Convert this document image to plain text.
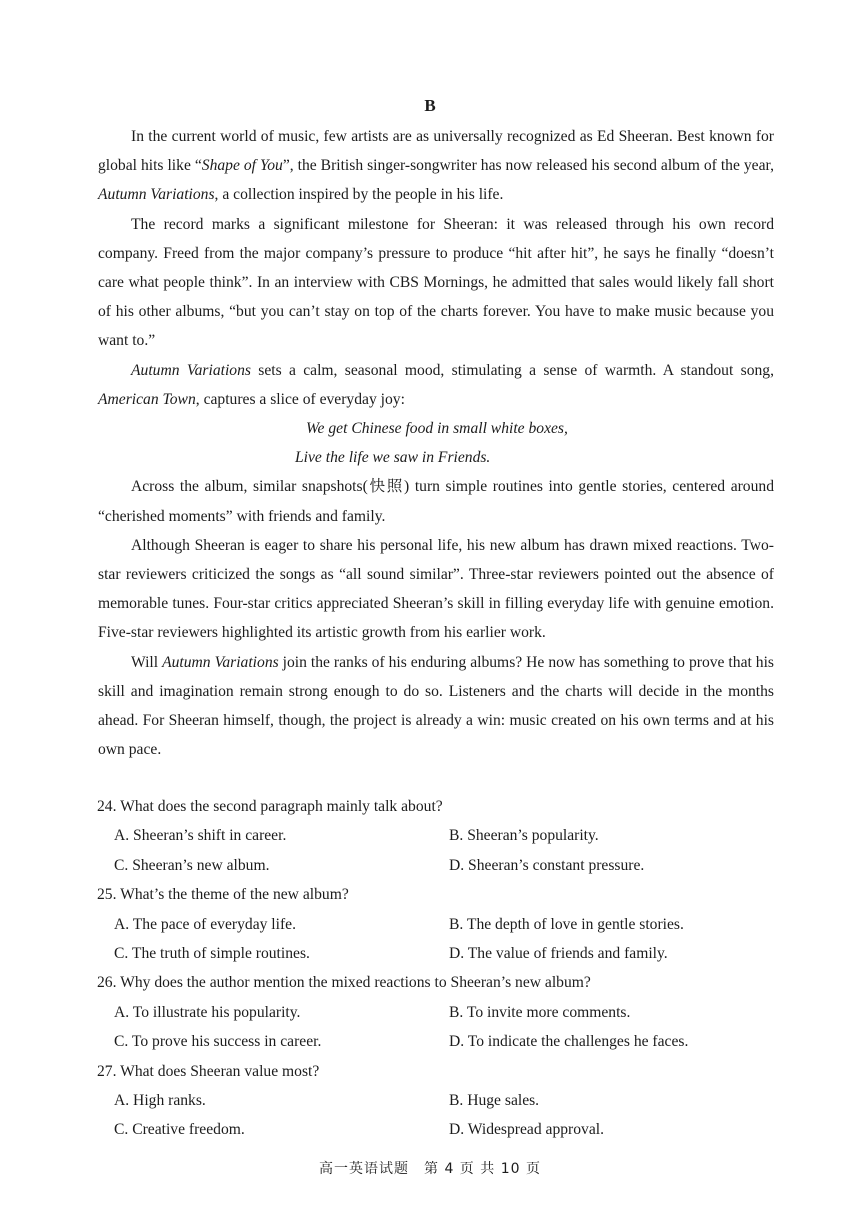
B

In the current world of music, few artists are as universally recognized as Ed Sheeran. Best known for global hits like “Shape of You”, the British singer-songwriter has now released his second album of the year, Autumn Variations, a collection inspired by the people in his life.

The record marks a significant milestone for Sheeran: it was released through his own record company. Freed from the major company’s pressure to produce “hit after hit”, he says he finally “doesn’t care what people think”. In an interview with CBS Mornings, he admitted that sales would likely fall short of his other albums, “but you can’t stay on top of the charts forever. You have to make music because you want to.”

Autumn Variations sets a calm, seasonal mood, stimulating a sense of warmth. A standout song, American Town, captures a slice of everyday joy:

We get Chinese food in small white boxes,
Live the life we saw in Friends.

Across the album, similar snapshots(快照) turn simple routines into gentle stories, centered around “cherished moments” with friends and family.

Although Sheeran is eager to share his personal life, his new album has drawn mixed reactions. Two-star reviewers criticized the songs as “all sound similar”. Three-star reviewers pointed out the absence of memorable tunes. Four-star critics appreciated Sheeran’s skill in filling everyday life with genuine emotion. Five-star reviewers highlighted its artistic growth from his earlier work.

Will Autumn Variations join the ranks of his enduring albums? He now has something to prove that his skill and imagination remain strong enough to do so. Listeners and the charts will decide in the months ahead. For Sheeran himself, though, the project is already a win: music created on his own terms and at his own pace.

24. What does the second paragraph mainly talk about?
A. Sheeran’s shift in career.	B. Sheeran’s popularity.
C. Sheeran’s new album.	D. Sheeran’s constant pressure.
25. What’s the theme of the new album?
A. The pace of everyday life.	B. The depth of love in gentle stories.
C. The truth of simple routines.	D. The value of friends and family.
26. Why does the author mention the mixed reactions to Sheeran’s new album?
A. To illustrate his popularity.	B. To invite more comments.
C. To prove his success in career.	D. To indicate the challenges he faces.
27. What does Sheeran value most?
A. High ranks.	B. Huge sales.
C. Creative freedom.	D. Widespread approval.
高一英语试题　第 4 页 共 10 页
